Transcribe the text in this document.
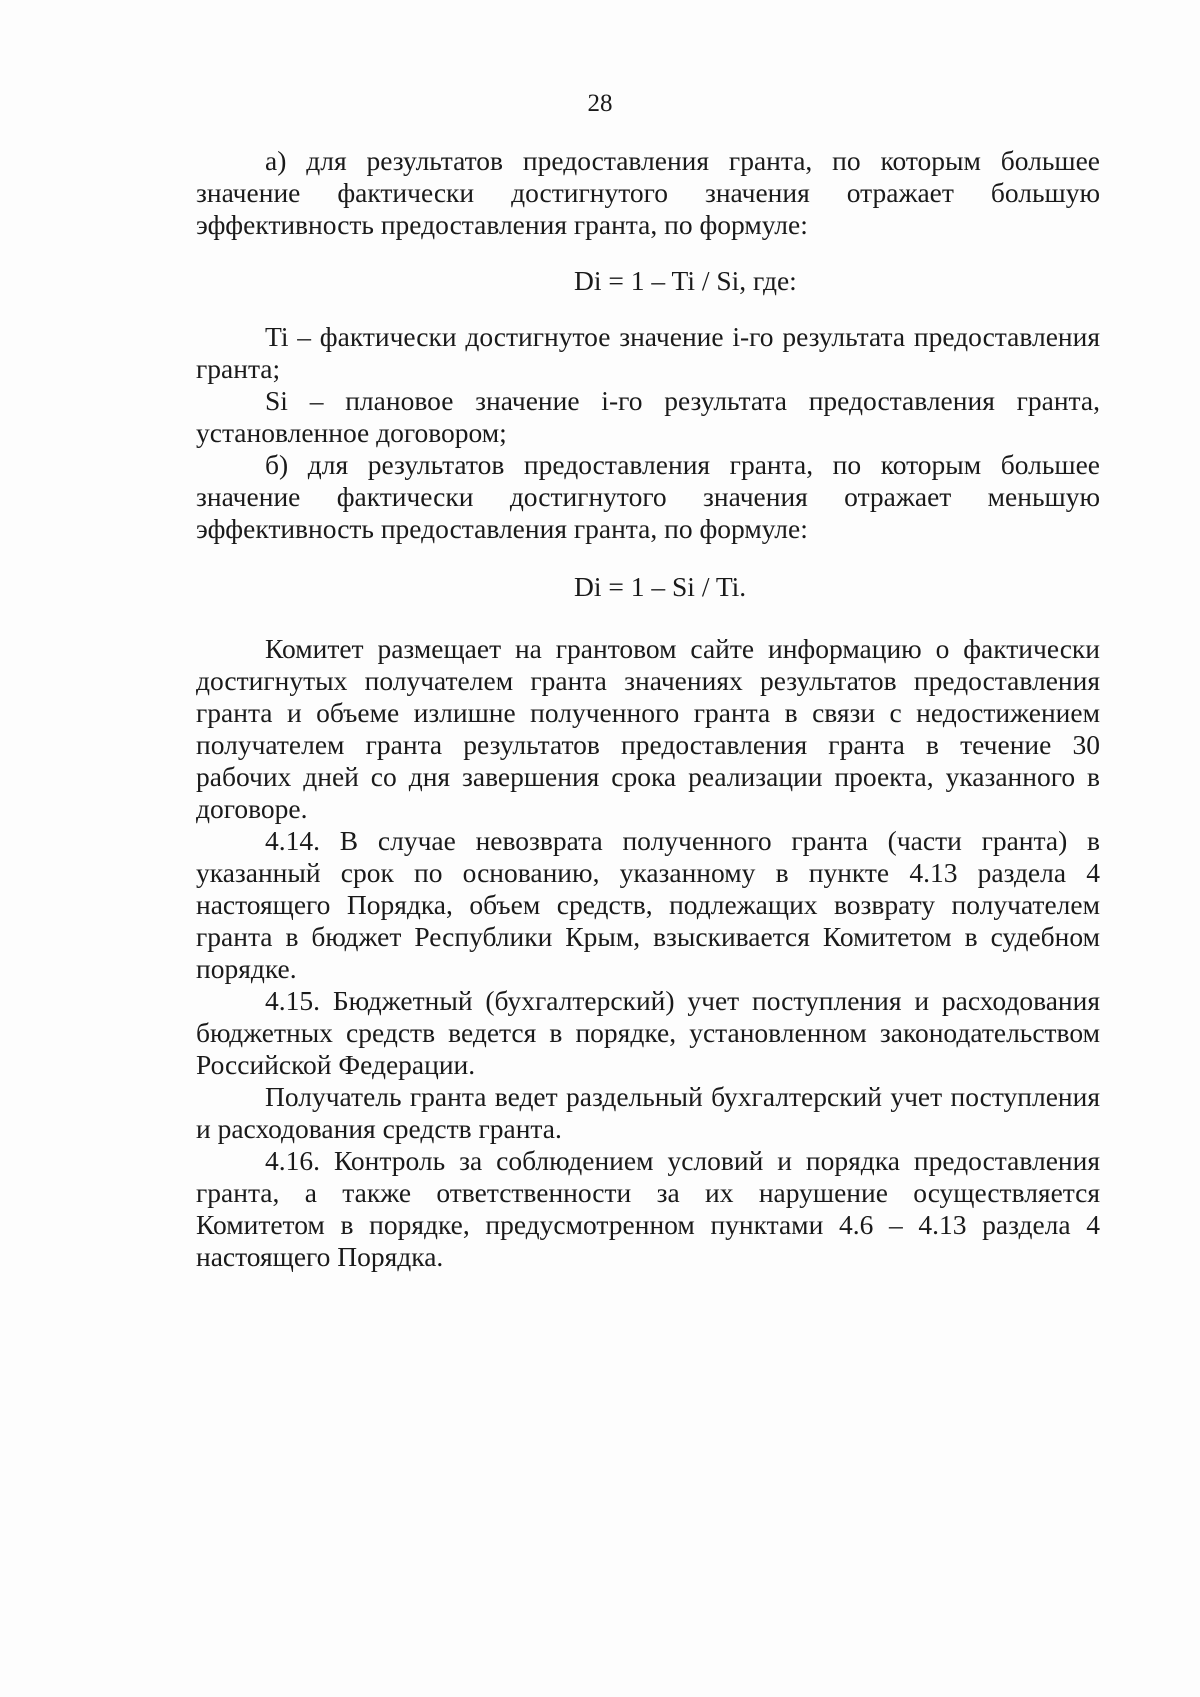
28

а) для результатов предоставления гранта, по которым большее значение фактически достигнутого значения отражает большую эффективность предоставления гранта, по формуле:

Di = 1 – Ti / Si, где:

Ti – фактически достигнутое значение i-го результата предоставления гранта;

Si – плановое значение i-го результата предоставления гранта, установленное договором;

б) для результатов предоставления гранта, по которым большее значение фактически достигнутого значения отражает меньшую эффективность предоставления гранта, по формуле:

Di = 1 – Si / Ti.

Комитет размещает на грантовом сайте информацию о фактически достигнутых получателем гранта значениях результатов предоставления гранта и объеме излишне полученного гранта в связи с недостижением получателем гранта результатов предоставления гранта в течение 30 рабочих дней со дня завершения срока реализации проекта, указанного в договоре.

4.14. В случае невозврата полученного гранта (части гранта) в указанный срок по основанию, указанному в пункте 4.13 раздела 4 настоящего Порядка, объем средств, подлежащих возврату получателем гранта в бюджет Республики Крым, взыскивается Комитетом в судебном порядке.

4.15. Бюджетный (бухгалтерский) учет поступления и расходования бюджетных средств ведется в порядке, установленном законодательством Российской Федерации.

Получатель гранта ведет раздельный бухгалтерский учет поступления и расходования средств гранта.

4.16. Контроль за соблюдением условий и порядка предоставления гранта, а также ответственности за их нарушение осуществляется Комитетом в порядке, предусмотренном пунктами 4.6 – 4.13 раздела 4 настоящего Порядка.
